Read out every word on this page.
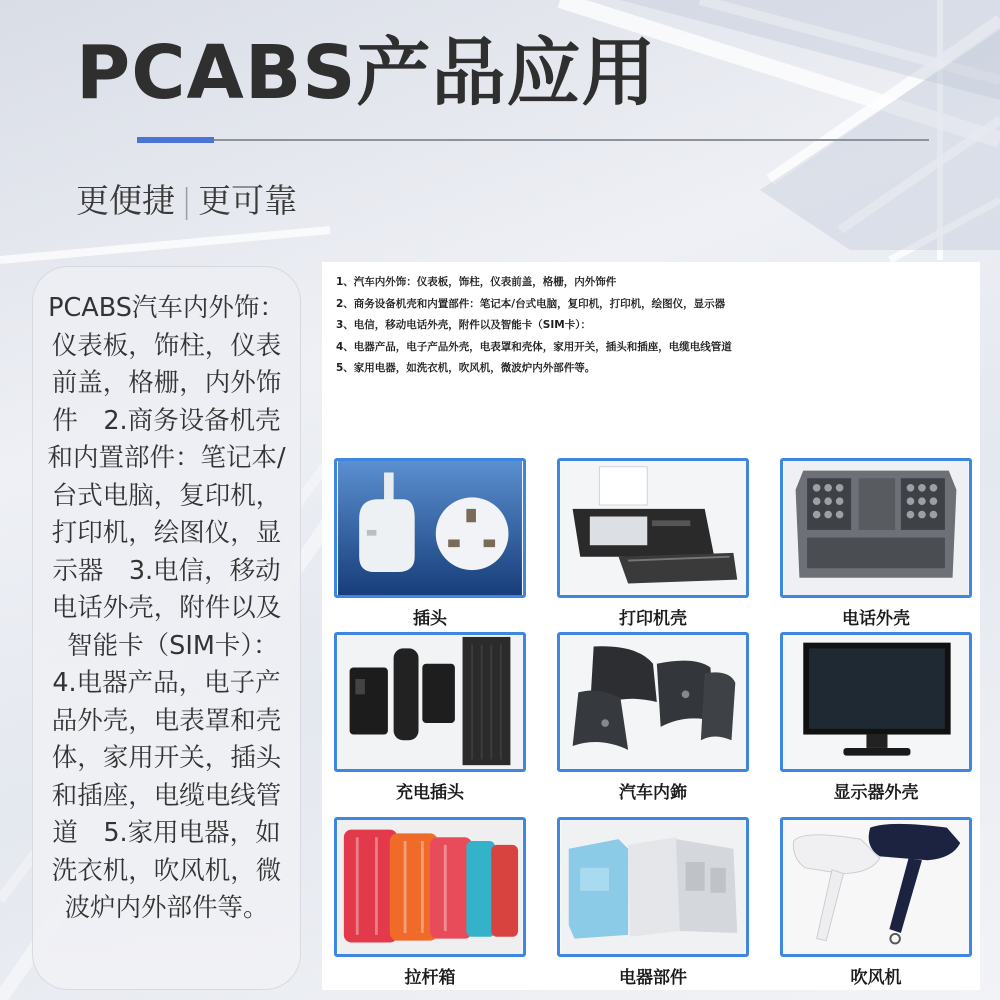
PCABS产品应用
更便捷 | 更可靠
PCABS汽车内外饰：仪表板，饰柱，仪表前盖，格栅，内外饰件　2.商务设备机壳和内置部件：笔记本/台式电脑，复印机，打印机，绘图仪，显示器　3.电信，移动电话外壳，附件以及智能卡（SIM卡）：　4.电器产品，电子产品外壳，电表罩和壳体，家用开关，插头和插座，电缆电线管道　5.家用电器，如洗衣机，吹风机，微波炉内外部件等。
1、汽车内外饰：仪表板，饰柱，仪表前盖，格栅，内外饰件
2、商务设备机壳和内置部件：笔记本/台式电脑，复印机，打印机，绘图仪，显示器
3、电信，移动电话外壳，附件以及智能卡（SIM卡）：
4、电器产品，电子产品外壳，电表罩和壳体，家用开关，插头和插座，电缆电线管道
5、家用电器，如洗衣机，吹风机，微波炉内外部件等。
插头	打印机壳	电话外壳
充电插头	汽车内鉓	显示器外壳
拉杆箱	电器部件	吹风机
